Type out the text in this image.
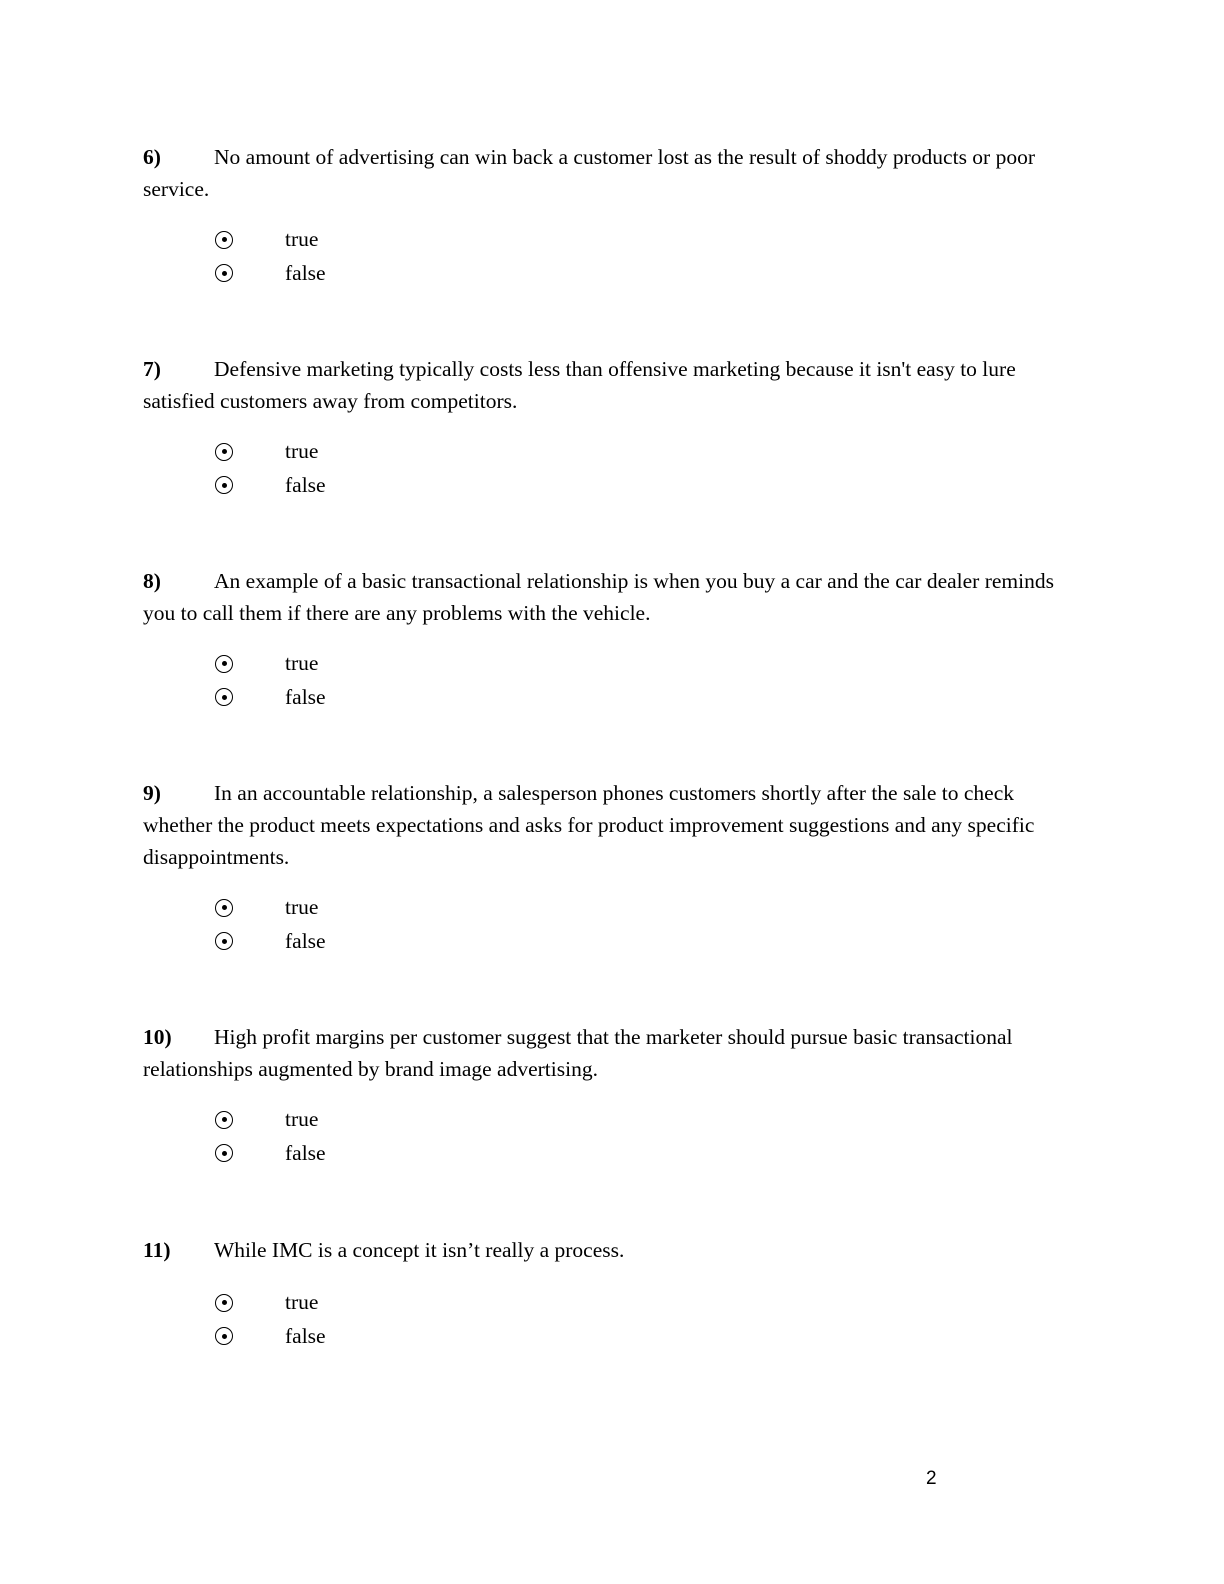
6) No amount of advertising can win back a customer lost as the result of shoddy products or poor service.

true
false

7) Defensive marketing typically costs less than offensive marketing because it isn't easy to lure satisfied customers away from competitors.

true
false

8) An example of a basic transactional relationship is when you buy a car and the car dealer reminds you to call them if there are any problems with the vehicle.

true
false

9) In an accountable relationship, a salesperson phones customers shortly after the sale to check whether the product meets expectations and asks for product improvement suggestions and any specific disappointments.

true
false

10) High profit margins per customer suggest that the marketer should pursue basic transactional relationships augmented by brand image advertising.

true
false

11) While IMC is a concept it isn’t really a process.

true
false
2
